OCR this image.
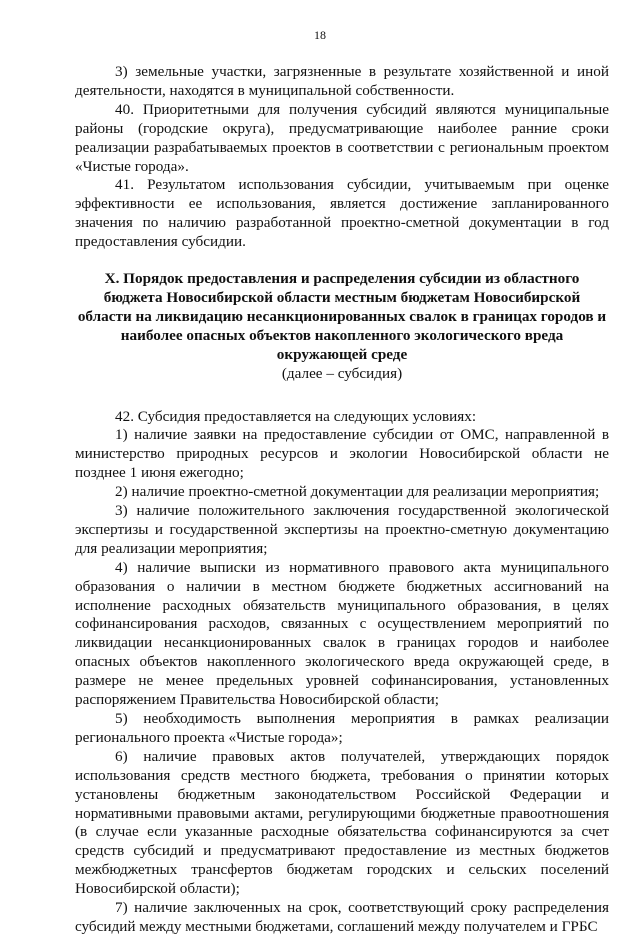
18

3) земельные участки, загрязненные в результате хозяйственной и иной деятельности, находятся в муниципальной собственности.

40. Приоритетными для получения субсидий являются муниципальные районы (городские округа), предусматривающие наиболее ранние сроки реализации разрабатываемых проектов в соответствии с региональным проектом «Чистые города».

41. Результатом использования субсидии, учитываемым при оценке эффективности ее использования, является достижение запланированного значения по наличию разработанной проектно-сметной документации в год предоставления субсидии.

X. Порядок предоставления и распределения субсидии из областного бюджета Новосибирской области местным бюджетам Новосибирской области на ликвидацию несанкционированных свалок в границах городов и наиболее опасных объектов накопленного экологического вреда окружающей среде

(далее – субсидия)

42. Субсидия предоставляется на следующих условиях:

1) наличие заявки на предоставление субсидии от ОМС, направленной в министерство природных ресурсов и экологии Новосибирской области не позднее 1 июня ежегодно;

2) наличие проектно-сметной документации для реализации мероприятия;

3) наличие положительного заключения государственной экологической экспертизы и государственной экспертизы на проектно-сметную документацию для реализации мероприятия;

4) наличие выписки из нормативного правового акта муниципального образования о наличии в местном бюджете бюджетных ассигнований на исполнение расходных обязательств муниципального образования, в целях софинансирования расходов, связанных с осуществлением мероприятий по ликвидации несанкционированных свалок в границах городов и наиболее опасных объектов накопленного экологического вреда окружающей среде, в размере не менее предельных уровней софинансирования, установленных распоряжением Правительства Новосибирской области;

5) необходимость выполнения мероприятия в рамках реализации регионального проекта «Чистые города»;

6) наличие правовых актов получателей, утверждающих порядок использования средств местного бюджета, требования о принятии которых установлены бюджетным законодательством Российской Федерации и нормативными правовыми актами, регулирующими бюджетные правоотношения (в случае если указанные расходные обязательства софинансируются за счет средств субсидий и предусматривают предоставление из местных бюджетов межбюджетных трансфертов бюджетам городских и сельских поселений Новосибирской области);

7) наличие заключенных на срок, соответствующий сроку распределения субсидий между местными бюджетами, соглашений между получателем и ГРБС
